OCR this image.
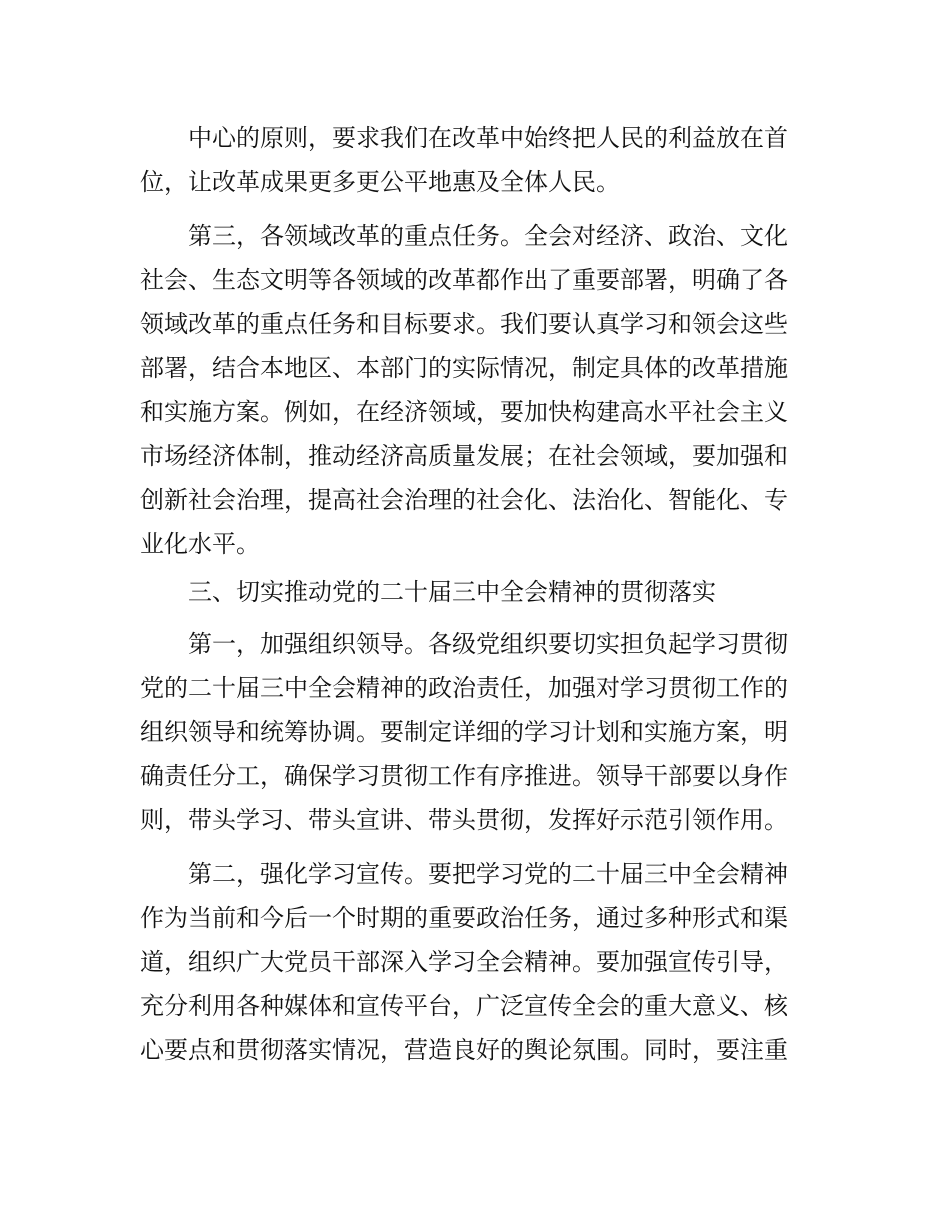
中心的原则，要求我们在改革中始终把人民的利益放在首
位，让改革成果更多更公平地惠及全体人民。
第三，各领域改革的重点任务。全会对经济、政治、文化
社会、生态文明等各领域的改革都作出了重要部署，明确了各
领域改革的重点任务和目标要求。我们要认真学习和领会这些
部署，结合本地区、本部门的实际情况，制定具体的改革措施
和实施方案。例如，在经济领域，要加快构建高水平社会主义
市场经济体制，推动经济高质量发展；在社会领域，要加强和
创新社会治理，提高社会治理的社会化、法治化、智能化、专
业化水平。
三、切实推动党的二十届三中全会精神的贯彻落实
第一，加强组织领导。各级党组织要切实担负起学习贯彻
党的二十届三中全会精神的政治责任，加强对学习贯彻工作的
组织领导和统筹协调。要制定详细的学习计划和实施方案，明
确责任分工，确保学习贯彻工作有序推进。领导干部要以身作
则，带头学习、带头宣讲、带头贯彻，发挥好示范引领作用。
第二，强化学习宣传。要把学习党的二十届三中全会精神
作为当前和今后一个时期的重要政治任务，通过多种形式和渠
道，组织广大党员干部深入学习全会精神。要加强宣传引导，
充分利用各种媒体和宣传平台，广泛宣传全会的重大意义、核
心要点和贯彻落实情况，营造良好的舆论氛围。同时，要注重
